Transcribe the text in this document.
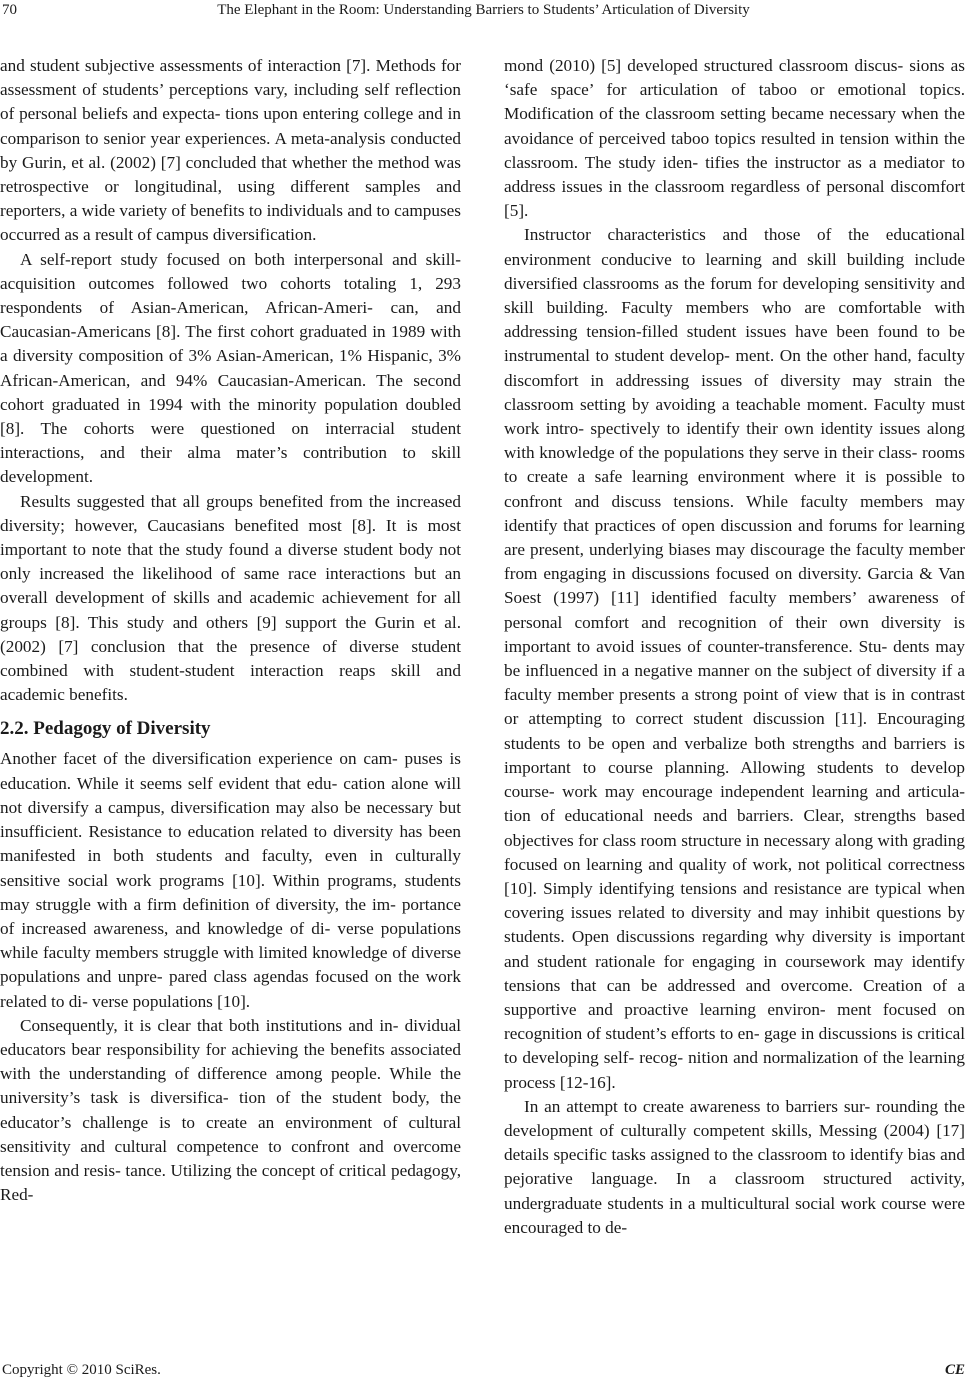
70	The Elephant in the Room: Understanding Barriers to Students’ Articulation of Diversity

and student subjective assessments of interaction [7]. Methods for assessment of students’ perceptions vary, including self reflection of personal beliefs and expecta- tions upon entering college and in comparison to senior year experiences. A meta-analysis conducted by Gurin, et al. (2002) [7] concluded that whether the method was retrospective or longitudinal, using different samples and reporters, a wide variety of benefits to individuals and to campuses occurred as a result of campus diversification.

A self-report study focused on both interpersonal and skill-acquisition outcomes followed two cohorts totaling 1, 293 respondents of Asian-American, African-Ameri- can, and Caucasian-Americans [8]. The first cohort graduated in 1989 with a diversity composition of 3% Asian-American, 1% Hispanic, 3% African-American, and 94% Caucasian-American. The second cohort graduated in 1994 with the minority population doubled [8]. The cohorts were questioned on interracial student interactions, and their alma mater’s contribution to skill development.

Results suggested that all groups benefited from the increased diversity; however, Caucasians benefited most [8]. It is most important to note that the study found a diverse student body not only increased the likelihood of same race interactions but an overall development of skills and academic achievement for all groups [8]. This study and others [9] support the Gurin et al. (2002) [7] conclusion that the presence of diverse student combined with student-student interaction reaps skill and academic benefits.

2.2. Pedagogy of Diversity

Another facet of the diversification experience on cam- puses is education. While it seems self evident that edu- cation alone will not diversify a campus, diversification may also be necessary but insufficient. Resistance to education related to diversity has been manifested in both students and faculty, even in culturally sensitive social work programs [10]. Within programs, students may struggle with a firm definition of diversity, the im- portance of increased awareness, and knowledge of di- verse populations while faculty members struggle with limited knowledge of diverse populations and unpre- pared class agendas focused on the work related to di- verse populations [10].

Consequently, it is clear that both institutions and in- dividual educators bear responsibility for achieving the benefits associated with the understanding of difference among people. While the university’s task is diversifica- tion of the student body, the educator’s challenge is to create an environment of cultural sensitivity and cultural competence to confront and overcome tension and resis- tance. Utilizing the concept of critical pedagogy, Red-

mond (2010) [5] developed structured classroom discus- sions as ‘safe space’ for articulation of taboo or emotional topics. Modification of the classroom setting became necessary when the avoidance of perceived taboo topics resulted in tension within the classroom. The study iden- tifies the instructor as a mediator to address issues in the classroom regardless of personal discomfort [5].

Instructor characteristics and those of the educational environment conducive to learning and skill building include diversified classrooms as the forum for developing sensitivity and skill building. Faculty members who are comfortable with addressing tension-filled student issues have been found to be instrumental to student develop- ment. On the other hand, faculty discomfort in addressing issues of diversity may strain the classroom setting by avoiding a teachable moment. Faculty must work intro- spectively to identify their own identity issues along with knowledge of the populations they serve in their class- rooms to create a safe learning environment where it is possible to confront and discuss tensions. While faculty members may identify that practices of open discussion and forums for learning are present, underlying biases may discourage the faculty member from engaging in discussions focused on diversity. Garcia & Van Soest (1997) [11] identified faculty members’ awareness of personal comfort and recognition of their own diversity is important to avoid issues of counter-transference. Stu- dents may be influenced in a negative manner on the subject of diversity if a faculty member presents a strong point of view that is in contrast or attempting to correct student discussion [11]. Encouraging students to be open and verbalize both strengths and barriers is important to course planning. Allowing students to develop course- work may encourage independent learning and articula- tion of educational needs and barriers. Clear, strengths based objectives for class room structure in necessary along with grading focused on learning and quality of work, not political correctness [10]. Simply identifying tensions and resistance are typical when covering issues related to diversity and may inhibit questions by students. Open discussions regarding why diversity is important and student rationale for engaging in coursework may identify tensions that can be addressed and overcome. Creation of a supportive and proactive learning environ- ment focused on recognition of student’s efforts to en- gage in discussions is critical to developing self- recog- nition and normalization of the learning process [12-16].

In an attempt to create awareness to barriers sur- rounding the development of culturally competent skills, Messing (2004) [17] details specific tasks assigned to the classroom to identify bias and pejorative language. In a classroom structured activity, undergraduate students in a multicultural social work course were encouraged to de-

Copyright © 2010 SciRes.	CE
